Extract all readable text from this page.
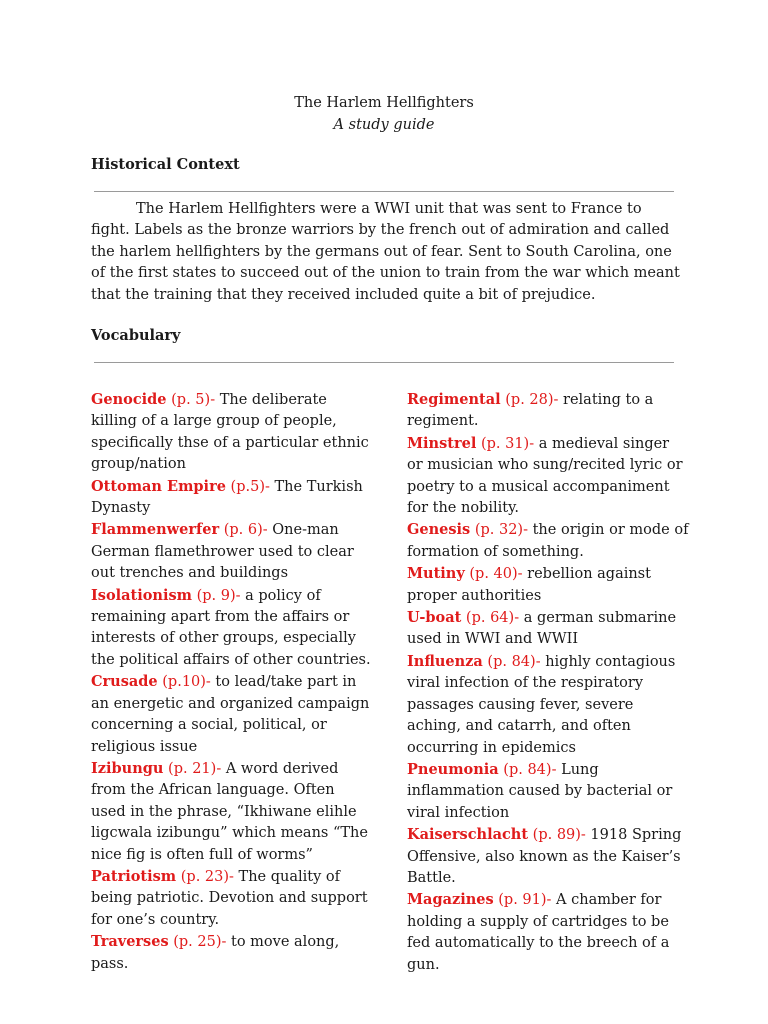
The Harlem Hellfighters
A study guide
Historical Context
The Harlem Hellfighters were a WWI unit that was sent to France to fight. Labels as the bronze warriors by the french out of admiration and called the harlem hellfighters by the germans out of fear. Sent to South Carolina, one of the first states to succeed out of the union to train from the war which meant that the training that they received included quite a bit of prejudice.
Vocabulary

Genocide (p. 5)- The deliberate killing of a large group of people, specifically thse of a particular ethnic group/nation

Ottoman Empire (p.5)- The Turkish Dynasty

Flammenwerfer (p. 6)- One-man German flamethrower used to clear out trenches and buildings

Isolationism (p. 9)- a policy of remaining apart from the affairs or interests of other groups, especially the political affairs of other countries.

Crusade (p.10)- to lead/take part in an energetic and organized campaign concerning a social, political, or religious issue

Izibungu (p. 21)- A word derived from the African language. Often used in the phrase, “Ikhiwane elihle ligcwala izibungu” which means “The nice fig is often full of worms”

Patriotism (p. 23)- The quality of being patriotic. Devotion and support for one’s country.

Traverses (p. 25)- to move along, pass.

Regimental (p. 28)- relating to a regiment.

Minstrel (p. 31)- a medieval singer or musician who sung/recited lyric or poetry to a musical accompaniment for the nobility.

Genesis (p. 32)- the origin or mode of formation of something.

Mutiny (p. 40)- rebellion against proper authorities

U-boat (p. 64)- a german submarine used in WWI and WWII

Influenza (p. 84)- highly contagious viral infection of the respiratory passages causing fever, severe aching, and catarrh, and often occurring in epidemics

Pneumonia (p. 84)- Lung inflammation caused by bacterial or viral infection

Kaiserschlacht (p. 89)- 1918 Spring Offensive, also known as the Kaiser’s Battle.

Magazines (p. 91)- A chamber for holding a supply of cartridges to be fed automatically to the breech of a gun.
